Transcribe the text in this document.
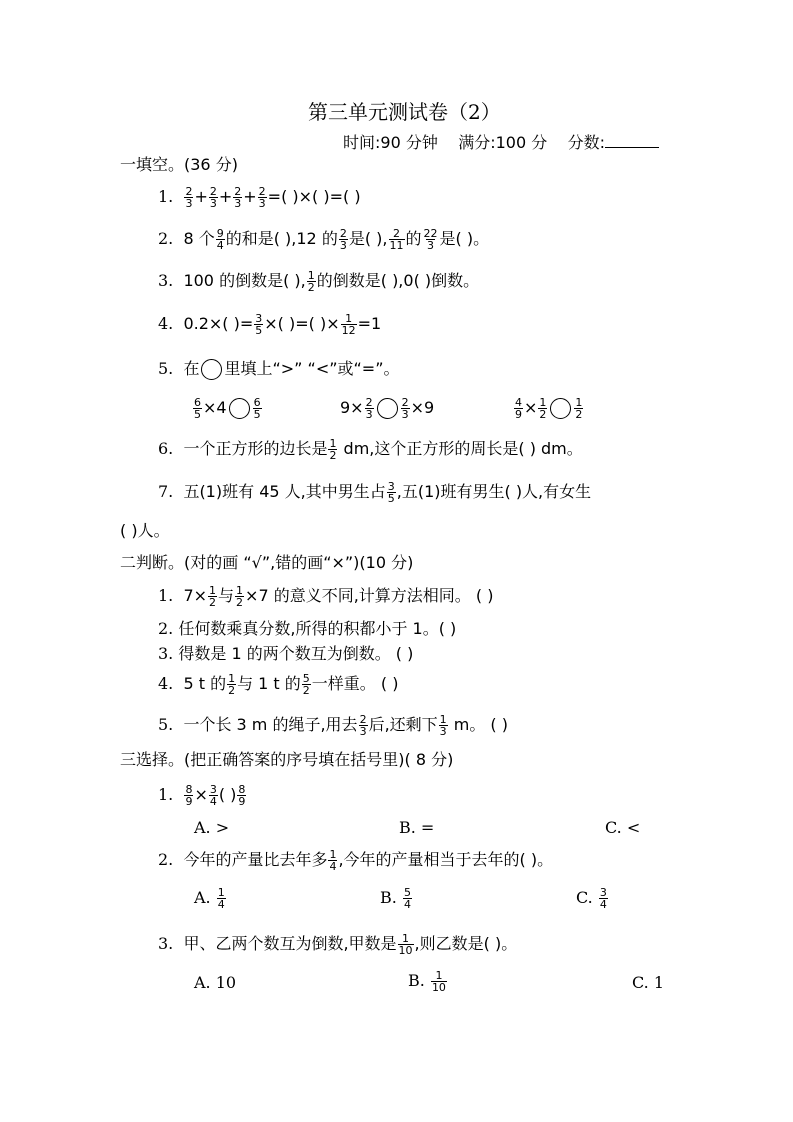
第三单元测试卷（2）
时间:90 分钟 满分:100 分 分数:
一填空。(36 分)
1. $\frac{2}{3} + \frac{2}{3} + \frac{2}{3} + \frac{2}{3}$ =( )×( )=( )
2. 8 个 $\frac{9}{4}$ 的和是( ),12 的 $\frac{2}{3}$ 是( ), $\frac{2}{11}$ 的 $\frac{22}{3}$ 是( )。
3. 100 的倒数是( ), $\frac{1}{2}$ 的倒数是( ),0( )倒数。
4. 0.2×( )= $\frac{3}{5}$ ×( )=( )× $\frac{1}{12} =1$
5. 在 里填上“>” “<”或“=”。
$\frac{6}{5} \times 4 \frac{6}{5}$	$9\times \frac{2}{3} \frac{2}{3} \times 9$	$\frac{4}{9} \times \frac{1}{2} \frac{1}{2}$
6. 一个正方形的边长是 $\frac{1}{2}$ dm,这个正方形的周长是( ) dm。
7. 五(1)班有 45 人,其中男生占 $\frac{3}{5}$ ,五(1)班有男生( )人,有女生
( )人。
二判断。(对的画 “√”,错的画“×”)(10 分)
1. $7\times \frac{1}{2}$ 与 $\frac{1}{2} \times 7$ 的意义不同,计算方法相同。 ( )
2. 任何数乘真分数,所得的积都小于 1。( )
3. 得数是 1 的两个数互为倒数。 ( )
4. 5 t 的 $\frac{1}{2}$ 与 1 t 的 $\frac{5}{2}$ 一样重。 ( )
5. 一个长 3 m 的绳子,用去 $\frac{2}{3}$ 后,还剩下 $\frac{1}{3}$ m。 ( )
三选择。(把正确答案的序号填在括号里)( 8 分)
1. $\frac{8}{9} \times \frac{3}{4}$ ( ) $\frac{8}{9}$
A. >	B. =	C. <
2. 今年的产量比去年多 $\frac{1}{4}$ ,今年的产量相当于去年的( )。
A. $\frac{1}{4}$	B. $\frac{5}{4}$	C. $\frac{3}{4}$
3. 甲、乙两个数互为倒数,甲数是 $\frac{1}{10}$ ,则乙数是( )。
A. 10	B. $\frac{1}{10}$	C. 1
